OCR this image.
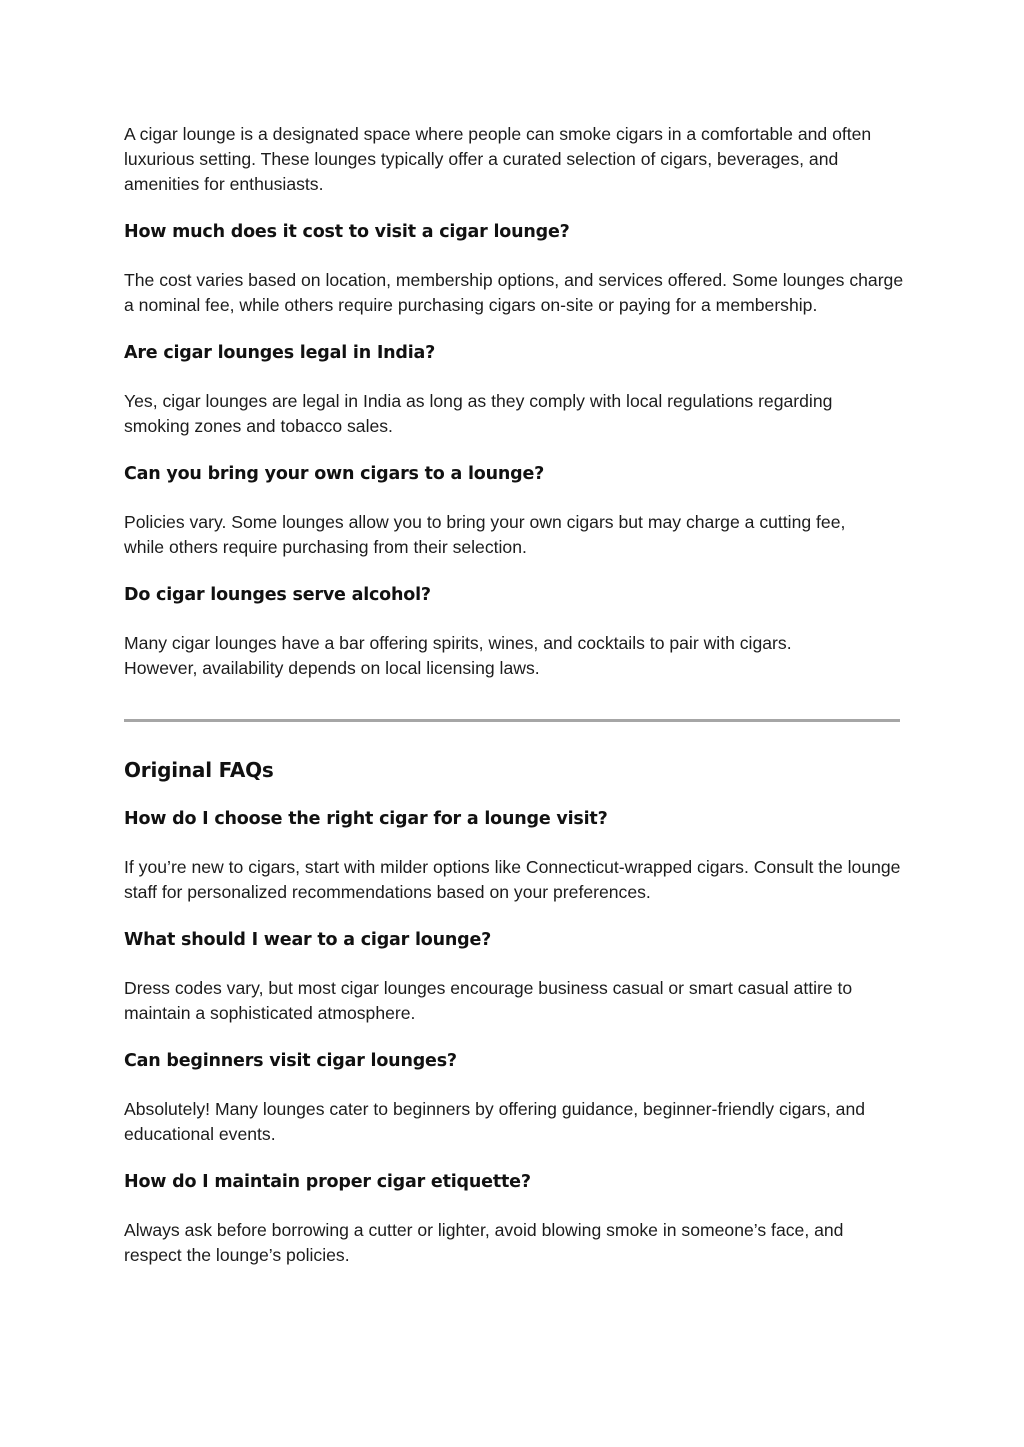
A cigar lounge is a designated space where people can smoke cigars in a comfortable and often luxurious setting. These lounges typically offer a curated selection of cigars, beverages, and amenities for enthusiasts.

How much does it cost to visit a cigar lounge?

The cost varies based on location, membership options, and services offered. Some lounges charge a nominal fee, while others require purchasing cigars on-site or paying for a membership.

Are cigar lounges legal in India?

Yes, cigar lounges are legal in India as long as they comply with local regulations regarding smoking zones and tobacco sales.

Can you bring your own cigars to a lounge?

Policies vary. Some lounges allow you to bring your own cigars but may charge a cutting fee, while others require purchasing from their selection.

Do cigar lounges serve alcohol?

Many cigar lounges have a bar offering spirits, wines, and cocktails to pair with cigars. However, availability depends on local licensing laws.

Original FAQs
How do I choose the right cigar for a lounge visit?

If you’re new to cigars, start with milder options like Connecticut-wrapped cigars. Consult the lounge staff for personalized recommendations based on your preferences.

What should I wear to a cigar lounge?

Dress codes vary, but most cigar lounges encourage business casual or smart casual attire to maintain a sophisticated atmosphere.

Can beginners visit cigar lounges?

Absolutely! Many lounges cater to beginners by offering guidance, beginner-friendly cigars, and educational events.

How do I maintain proper cigar etiquette?

Always ask before borrowing a cutter or lighter, avoid blowing smoke in someone’s face, and respect the lounge’s policies.
